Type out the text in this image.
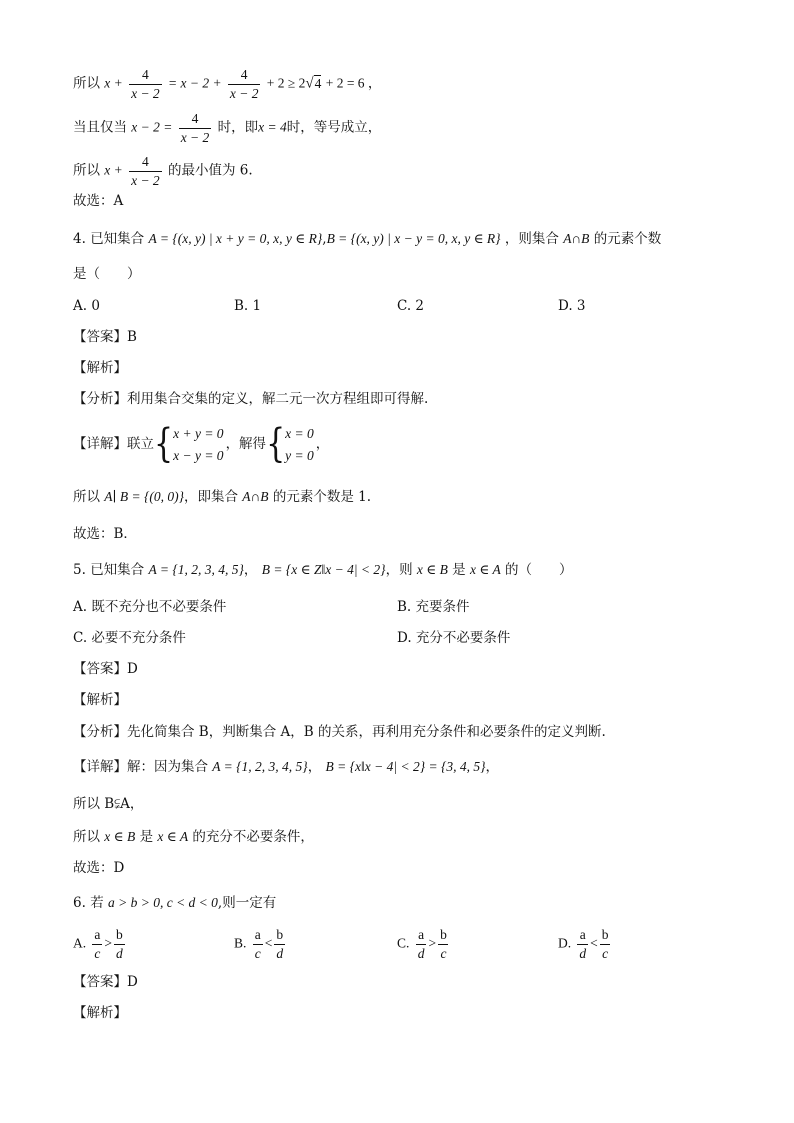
所以 $x + \frac{4}{x - 2} = x - 2 + \frac{4}{x - 2} + 2 \ge 2√4 + 2 = 6$ ，
当且仅当 $x - 2 = \frac{4}{x - 2}$ 时，即x = 4时，等号成立，
所以 $x + \frac{4}{x - 2}$ 的最小值为 6.
故选：A
4. 已知集合 A = {(x, y) | x + y = 0, x, y ∈ R},B = {(x, y) | x − y = 0, x, y ∈ R} ，则集合 A∩B 的元素个数
是（　　）
A. 0	B. 1	C. 2	D. 3
【答案】B
【解析】
【分析】利用集合交集的定义，解二元一次方程组即可得解.
【详解】联立{ x + y = 0
x − y = 0
，解得{ x = 0
y = 0
，
所以 A∣ B = {(0, 0)}，即集合 A∩B 的元素个数是 1.
故选：B．
5. 已知集合 A = {1, 2, 3, 4, 5}， B = {x ∈ Z‖x − 4| < 2}，则 x ∈ B 是 x ∈ A 的（　　）
A. 既不充分也不必要条件	B. 充要条件
C. 必要不充分条件	D. 充分不必要条件
【答案】D
【解析】
【分析】先化简集合 B，判断集合 A，B 的关系，再利用充分条件和必要条件的定义判断.
【详解】解：因为集合 A = {1, 2, 3, 4, 5}， B = {x‖x − 4| < 2} = {3, 4, 5}，
所以 B⫋A，
所以 x ∈ B 是 x ∈ A 的充分不必要条件，
故选：D
6. 若 a > b > 0, c < d < 0,则一定有
A. $\frac{a}{c} > \frac{b}{d}$	B. $\frac{a}{c} < \frac{b}{d}$	C. $\frac{a}{d} > \frac{b}{c}$	D. $\frac{a}{d} < \frac{b}{c}$
【答案】D
【解析】
